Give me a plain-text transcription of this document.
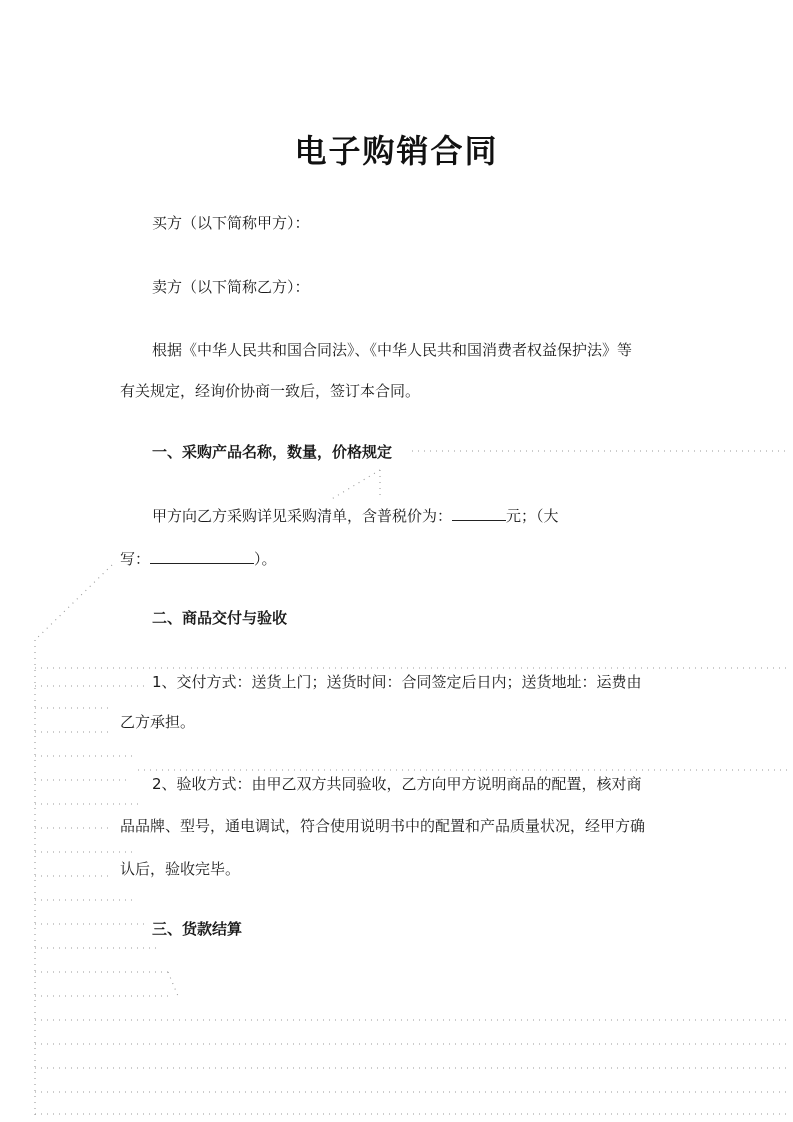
电子购销合同

买方（以下简称甲方）：

卖方（以下简称乙方）：

根据《中华人民共和国合同法》、《中华人民共和国消费者权益保护法》等

有关规定，经询价协商一致后，签订本合同。

一、采购产品名称，数量，价格规定

甲方向乙方采购详见采购清单，含普税价为：	元；（大

写：	）。

二、商品交付与验收

1、交付方式：送货上门；送货时间：合同签定后日内；送货地址：运费由

乙方承担。

2、验收方式：由甲乙双方共同验收，乙方向甲方说明商品的配置，核对商

品品牌、型号，通电调试，符合使用说明书中的配置和产品质量状况，经甲方确

认后，验收完毕。

三、货款结算
